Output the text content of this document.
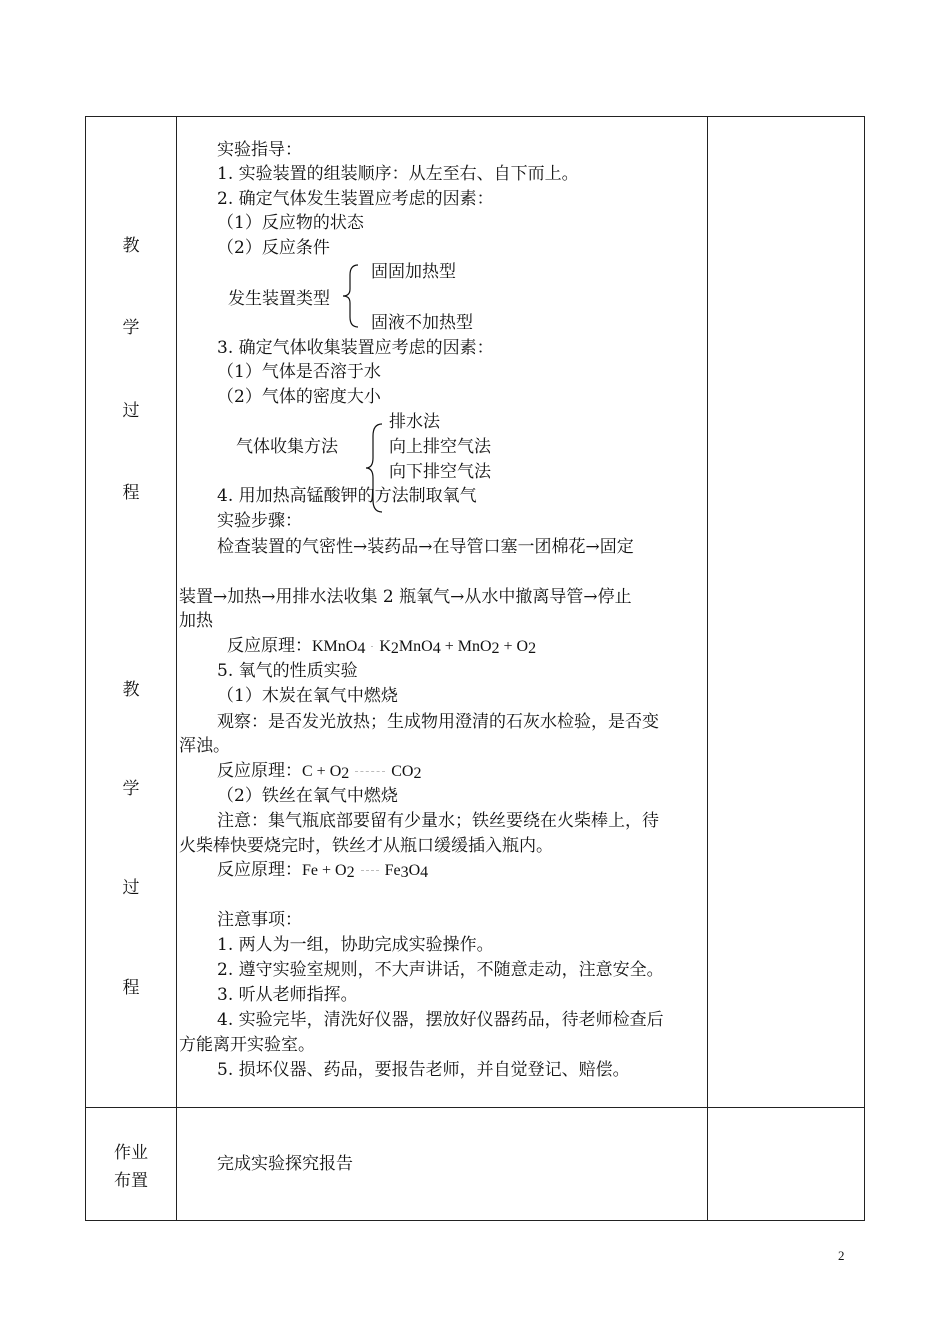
教
学
过
程
教
学
过
程
作业
布置
实验指导：
1. 实验装置的组装顺序：从左至右、自下而上。
2. 确定气体发生装置应考虑的因素：
（1）反应物的状态
（2）反应条件
发生装置类型
固固加热型
固液不加热型
3. 确定气体收集装置应考虑的因素：
（1）气体是否溶于水
（2）气体的密度大小
气体收集方法
排水法
向上排空气法
向下排空气法
4. 用加热高锰酸钾的方法制取氧气
实验步骤：
检查装置的气密性→装药品→在导管口塞一团棉花→固定
装置→加热→用排水法收集 2 瓶氧气→从水中撤离导管→停止
加热
反应原理：KMnO$_4$ $K_2MnO_4 + MnO_2 + O_2$
5. 氧气的性质实验
（1）木炭在氧气中燃烧
观察：是否发光放热；生成物用澄清的石灰水检验，是否变
浑浊。
反应原理：$C + O_2$	$CO_2$
（2）铁丝在氧气中燃烧
注意：集气瓶底部要留有少量水；铁丝要绕在火柴棒上，待
火柴棒快要烧完时，铁丝才从瓶口缓缓插入瓶内。
反应原理：$Fe + O_2$ $Fe_3O_4$
注意事项：
1. 两人为一组，协助完成实验操作。
2. 遵守实验室规则，不大声讲话，不随意走动，注意安全。
3. 听从老师指挥。
4. 实验完毕，清洗好仪器，摆放好仪器药品，待老师检查后
方能离开实验室。
5. 损坏仪器、药品，要报告老师，并自觉登记、赔偿。
完成实验探究报告
2
